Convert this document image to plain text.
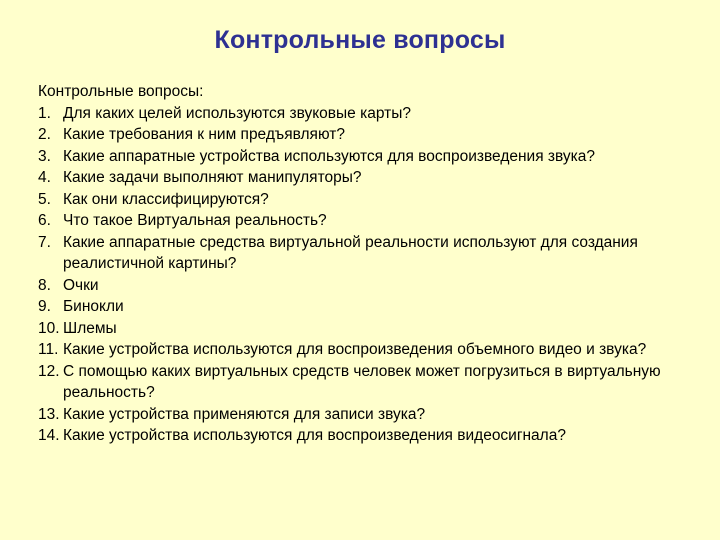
Контрольные вопросы
Контрольные вопросы:
1. Для каких целей используются звуковые карты?
2. Какие требования к ним предъявляют?
3. Какие аппаратные устройства используются для воспроизведения звука?
4. Какие задачи выполняют манипуляторы?
5. Как они классифицируются?
6. Что такое Виртуальная реальность?
7. Какие аппаратные средства виртуальной реальности используют для создания реалистичной картины?
8. Очки
9. Бинокли
10. Шлемы
11. Какие устройства используются для воспроизведения объемного видео и звука?
12. С помощью каких виртуальных средств человек может погрузиться в виртуальную реальность?
13. Какие устройства применяются для записи звука?
14. Какие устройства используются для воспроизведения видеосигнала?
